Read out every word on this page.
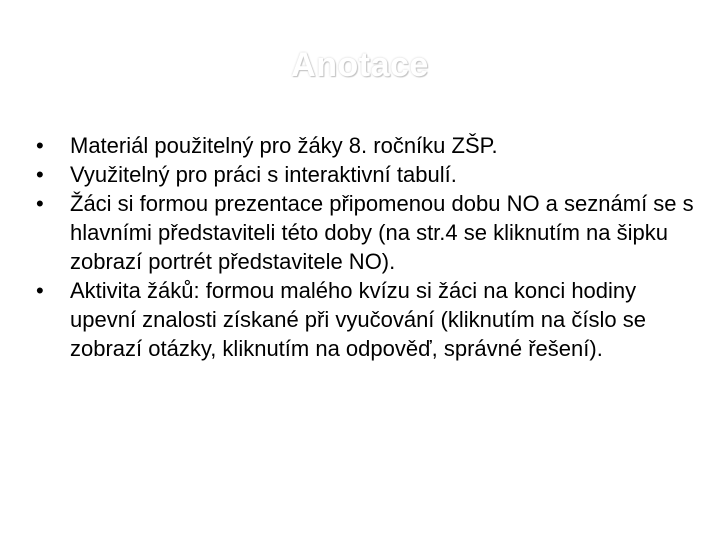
Anotace
•	Materiál použitelný pro žáky 8. ročníku ZŠP.
•	Využitelný pro práci s interaktivní tabulí.
•	Žáci si formou prezentace připomenou dobu NO a seznámí se s hlavními představiteli této doby (na str.4 se kliknutím na šipku zobrazí portrét představitele NO).
•	Aktivita žáků: formou malého kvízu si žáci na konci hodiny upevní znalosti získané při vyučování (kliknutím na číslo se zobrazí otázky, kliknutím na odpověď, správné řešení).
